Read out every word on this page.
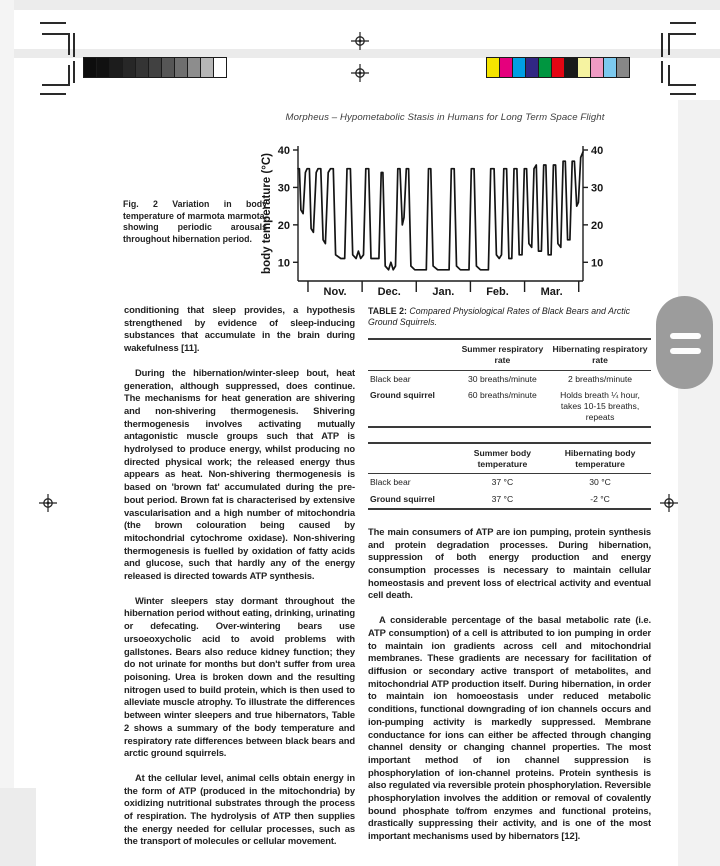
Morpheus – Hypometabolic Stasis in Humans for Long Term Space Flight
Fig. 2 Variation in body temperature of marmota marmota, showing periodic arousals throughout hibernation period.
10	10
20	20
30	30
40	40
Nov.	Dec.	Jan.	Feb.	Mar.
body temperature (°C)

conditioning that sleep provides, a hypothesis strengthened by evidence of sleep-inducing substances that accumulate in the brain during wakefulness [11].

During the hibernation/winter-sleep bout, heat generation, although suppressed, does continue. The mechanisms for heat generation are shivering and non-shivering thermogenesis. Shivering thermogenesis involves activating mutually antagonistic muscle groups such that ATP is hydrolysed to produce energy, whilst producing no directed physical work; the released energy thus appears as heat. Non-shivering thermogenesis is based on 'brown fat' accumulated during the pre-bout period. Brown fat is characterised by extensive vascularisation and a high number of mitochondria (the brown colouration being caused by mitochondrial cytochrome oxidase). Non-shivering thermogenesis is fuelled by oxidation of fatty acids and glucose, such that hardly any of the energy released is directed towards ATP synthesis.

Winter sleepers stay dormant throughout the hibernation period without eating, drinking, urinating or defecating. Over-wintering bears use ursoeoxycholic acid to avoid problems with gallstones. Bears also reduce kidney function; they do not urinate for months but don't suffer from urea poisoning. Urea is broken down and the resulting nitrogen used to build protein, which is then used to alleviate muscle atrophy. To illustrate the differences between winter sleepers and true hibernators, Table 2 shows a summary of the body temperature and respiratory rate differences between black bears and arctic ground squirrels.

At the cellular level, animal cells obtain energy in the form of ATP (produced in the mitochondria) by oxidizing nutritional substrates through the process of respiration. The hydrolysis of ATP then supplies the energy needed for cellular processes, such as the transport of molecules or cellular movement.

TABLE 2: Compared Physiological Rates of Black Bears and Arctic Ground Squirrels.
	Summer respiratory rate	Hibernating respiratory rate
Black bear	30 breaths/minute	2 breaths/minute
Ground squirrel	60 breaths/minute	Holds breath ¼ hour, takes 10-15 breaths, repeats
	Summer body temperature	Hibernating body temperature
Black bear	37 °C	30 °C
Ground squirrel	37 °C	-2 °C

The main consumers of ATP are ion pumping, protein synthesis and protein degradation processes. During hibernation, suppression of both energy production and energy consumption processes is necessary to maintain cellular homeostasis and prevent loss of electrical activity and eventual cell death.

A considerable percentage of the basal metabolic rate (i.e. ATP consumption) of a cell is attributed to ion pumping in order to maintain ion gradients across cell and mitochondrial membranes. These gradients are necessary for facilitation of diffusion or secondary active transport of metabolites, and mitochondrial ATP production itself. During hibernation, in order to maintain ion homoeostasis under reduced metabolic conditions, functional downgrading of ion channels occurs and ion-pumping activity is markedly suppressed. Membrane conductance for ions can either be affected through changing channel density or changing channel properties. The most important method of ion channel suppression is phosphorylation of ion-channel proteins. Protein synthesis is also regulated via reversible protein phosphorylation. Reversible phosphorylation involves the addition or removal of covalently bound phosphate to/from enzymes and functional proteins, drastically suppressing their activity, and is one of the most important mechanisms used by hibernators [12].
